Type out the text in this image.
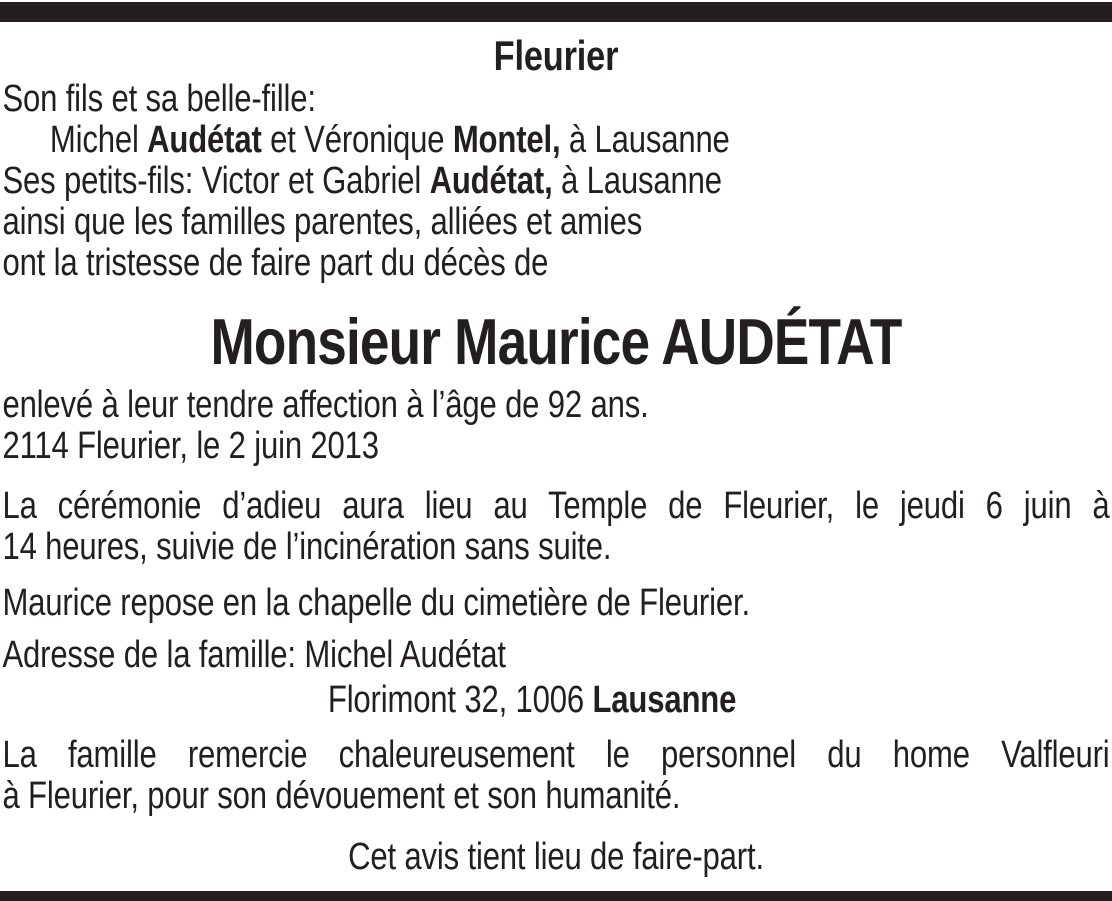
Fleurier
Son fils et sa belle-fille:
Michel Audétat et Véronique Montel, à Lausanne
Ses petits-fils: Victor et Gabriel Audétat, à Lausanne
ainsi que les familles parentes, alliées et amies
ont la tristesse de faire part du décès de
Monsieur Maurice AUDÉTAT
enlevé à leur tendre affection à l’âge de 92 ans.
2114 Fleurier, le 2 juin 2013
La cérémonie d’adieu aura lieu au Temple de Fleurier, le jeudi 6 juin à
14 heures, suivie de l’incinération sans suite.
Maurice repose en la chapelle du cimetière de Fleurier.
Adresse de la famille: Michel Audétat
Florimont 32, 1006 Lausanne
La famille remercie chaleureusement le personnel du home Valfleuri
à Fleurier, pour son dévouement et son humanité.
Cet avis tient lieu de faire-part.
